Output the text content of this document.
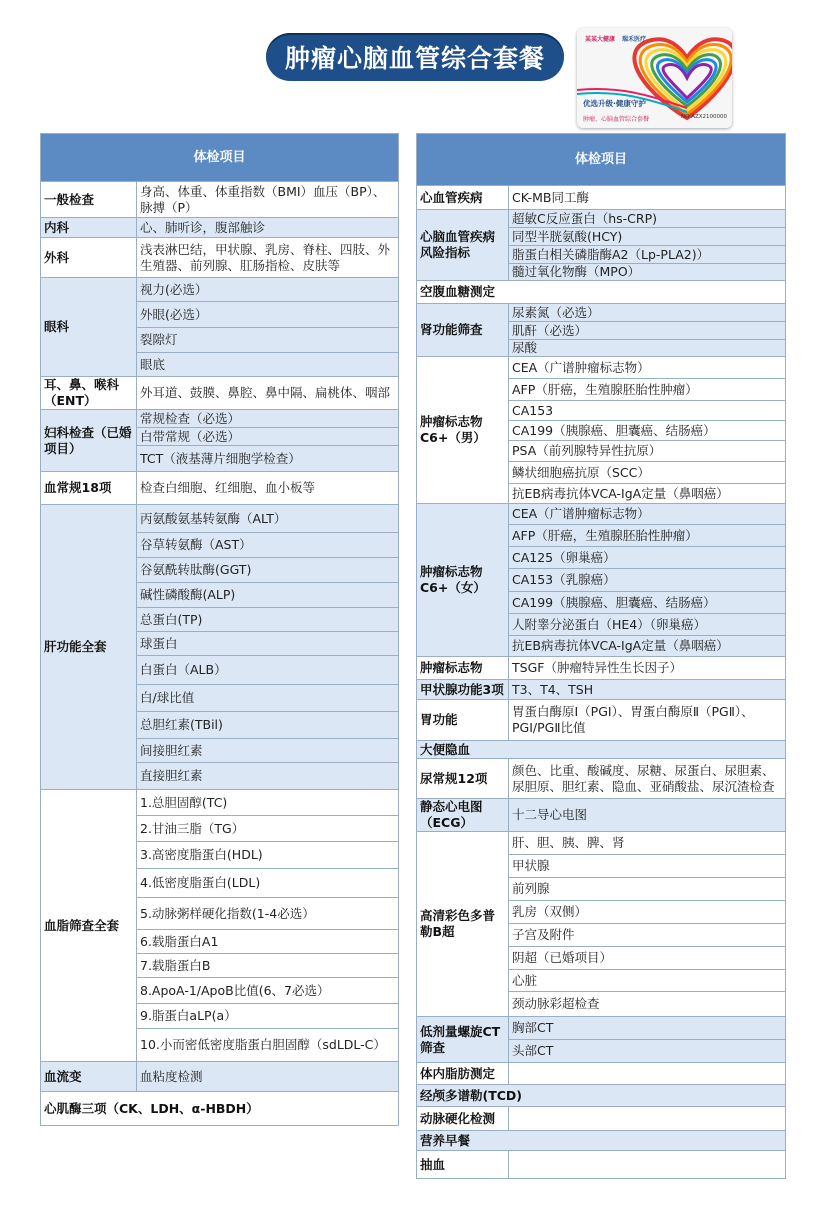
肿瘤心脑血管综合套餐
某某大健康 瑞禾医疗
优选升级·健康守护
肿瘤、心脑血管综合套餐	NO:AZX2100000
体检项目	
一般检查	身高、体重、体重指数（BMI）血压（BP）、脉搏（P）
内科	心、肺听诊，腹部触诊
外科	浅表淋巴结，甲状腺、乳房、脊柱、四肢、外生殖器、前列腺、肛肠指检、皮肤等
眼科	视力(必选）
	外眼(必选）
	裂隙灯
	眼底
耳、鼻、喉科（ENT）	外耳道、鼓膜、鼻腔、鼻中隔、扁桃体、咽部
妇科检查（已婚项目）	常规检查（必选）
	白带常规（必选）
	TCT（液基薄片细胞学检查）
血常规18项	检查白细胞、红细胞、血小板等
肝功能全套	丙氨酸氨基转氨酶（ALT）
	谷草转氨酶（AST）
	谷氨酰转肽酶(GGT)
	碱性磷酸酶(ALP)
	总蛋白(TP)
	球蛋白
	白蛋白（ALB）
	白/球比值
	总胆红素(TBil)
	间接胆红素
	直接胆红素
血脂筛查全套	1.总胆固醇(TC)
	2.甘油三脂（TG）
	3.高密度脂蛋白(HDL)
	4.低密度脂蛋白(LDL)
	5.动脉粥样硬化指数(1-4必选）
	6.载脂蛋白A1
	7.载脂蛋白B
	8.ApoA-1/ApoB比值(6、7必选）
	9.脂蛋白aLP(a）
	10.小而密低密度脂蛋白胆固醇（sdLDL-C）
血流变	血粘度检测
心肌酶三项（CK、LDH、α-HBDH）	
体检项目	
心血管疾病	CK-MB同工酶
心脑血管疾病风险指标	超敏C反应蛋白（hs-CRP)
	同型半胱氨酸(HCY)
	脂蛋白相关磷脂酶A2（Lp-PLA2)）
	髓过氧化物酶（MPO）
空腹血糖测定	
肾功能筛查	尿素氮（必选）
	肌酐（必选）
	尿酸
肿瘤标志物C6+（男）	CEA（广谱肿瘤标志物）
	AFP（肝癌，生殖腺胚胎性肿瘤）
	CA153
	CA199（胰腺癌、胆囊癌、结肠癌）
	PSA（前列腺特异性抗原）
	鳞状细胞癌抗原（SCC）
	抗EB病毒抗体VCA-IgA定量（鼻咽癌）
肿瘤标志物C6+（女）	CEA（广谱肿瘤标志物）
	AFP（肝癌，生殖腺胚胎性肿瘤）
	CA125（卵巢癌）
	CA153（乳腺癌）
	CA199（胰腺癌、胆囊癌、结肠癌）
	人附睾分泌蛋白（HE4）（卵巢癌）
	抗EB病毒抗体VCA-IgA定量（鼻咽癌）
肿瘤标志物	TSGF（肿瘤特异性生长因子）
甲状腺功能3项	T3、T4、TSH
胃功能	胃蛋白酶原Ⅰ（PGⅠ）、胃蛋白酶原Ⅱ（PGⅡ）、PGⅠ/PGⅡ比值
大便隐血	
尿常规12项	颜色、比重、酸碱度、尿糖、尿蛋白、尿胆素、尿胆原、胆红素、隐血、亚硝酸盐、尿沉渣检查
静态心电图（ECG）	十二导心电图
高清彩色多普勒B超	肝、胆、胰、脾、肾
	甲状腺
	前列腺
	乳房（双侧）
	子宫及附件
	阴超（已婚项目）
	心脏
	颈动脉彩超检查
低剂量螺旋CT筛查	胸部CT
	头部CT
体内脂肪测定	
经颅多谱勒(TCD)	
动脉硬化检测	
营养早餐	
抽血	
